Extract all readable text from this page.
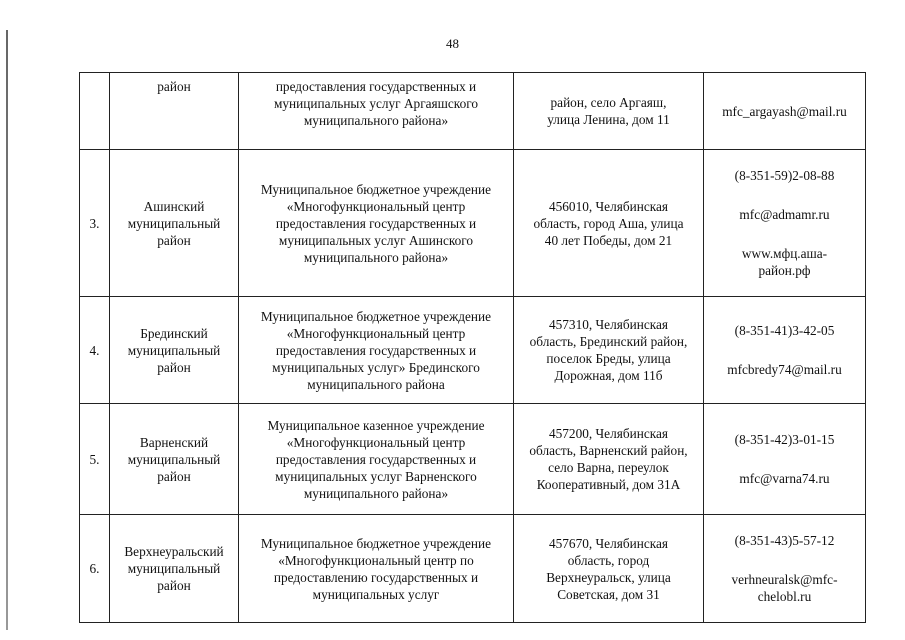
48
	район	предоставления государственных и
муниципальных услуг Аргаяшского
муниципального района»	район, село Аргаяш,
улица Ленина, дом 11	mfc_argayash@mail.ru

3.	Ашинский
муниципальный
район	Муниципальное бюджетное учреждение
«Многофункциональный центр
предоставления государственных и
муниципальных услуг Ашинского
муниципального района»	456010, Челябинская
область, город Аша, улица
40 лет Победы, дом 21	(8-351-59)2-08-88

mfc@admamr.ru

www.мфц.аша-
район.рф

4.	Брединский
муниципальный
район	Муниципальное бюджетное учреждение
«Многофункциональный центр
предоставления государственных и
муниципальных услуг» Брединского
муниципального района	457310, Челябинская
область, Брединский район,
поселок Бреды, улица
Дорожная, дом 11б	(8-351-41)3-42-05

mfcbredy74@mail.ru

5.	Варненский
муниципальный
район	Муниципальное казенное учреждение
«Многофункциональный центр
предоставления государственных и
муниципальных услуг Варненского
муниципального района»	457200, Челябинская
область, Варненский район,
село Варна, переулок
Кооперативный, дом 31А	(8-351-42)3-01-15

mfc@varna74.ru

6.	Верхнеуральский
муниципальный
район	Муниципальное бюджетное учреждение
«Многофункциональный центр по
предоставлению государственных и
муниципальных услуг	457670, Челябинская
область, город
Верхнеуральск, улица
Советская, дом 31	(8-351-43)5-57-12

verhneuralsk@mfc-
chelobl.ru
